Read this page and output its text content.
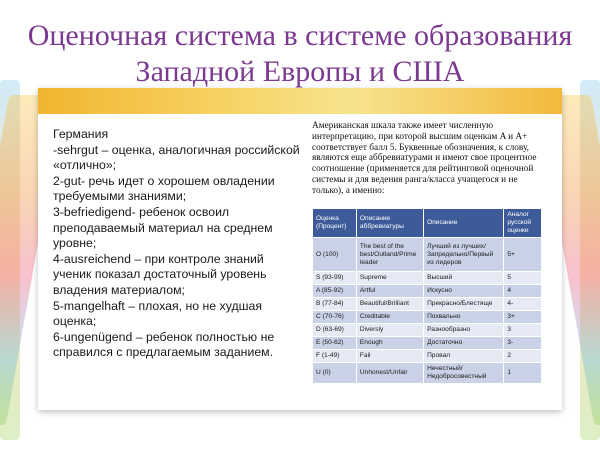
Оценочная система в системе образования
Западной Европы и США
Германия
-sehrgut – оценка, аналогичная российской «отлично»;
2-gut- речь идет о хорошем овладении требуемыми знаниями;
3-befriedigend- ребенок освоил преподаваемый материал на среднем уровне;
4-ausreichend – при контроле знаний ученик показал достаточный уровень владения материалом;
5-mangelhaft – плохая, но не худшая оценка;
6-ungenügend – ребенок полностью не справился с предлагаемым заданием.
Американская шкала также имеет численную интерпретацию, при которой высшим оценкам A и A+ соответствует балл 5. Буквенные обозначения, к слову, являются еще аббревиатурами и имеют свое процентное соотношение (применяется для рейтинговой оценочной системы и для ведения ранга/класса учащегося и не только), а именно:
Оценка (Процент)	Описание аббревиатуры	Описание	Аналог русской оценки
O (100)	The best of the best/Outland/Prime leader	Лучший из лучших/Запредельно/Первый из лидеров	5+
S (93-99)	Supreme	Высший	5
A (85-92)	Artful	Искусно	4
B (77-84)	Beautiful/Brilliant	Прекрасно/Блестяще	4-
C (70-76)	Creditable	Похвально	3+
D (63-69)	Diversly	Разнообразно	3
E (50-62)	Enough	Достаточно	3-
F (1-49)	Fail	Провал	2
U (0)	Unhonest/Unfair	Нечестный/Недобросовестный	1
